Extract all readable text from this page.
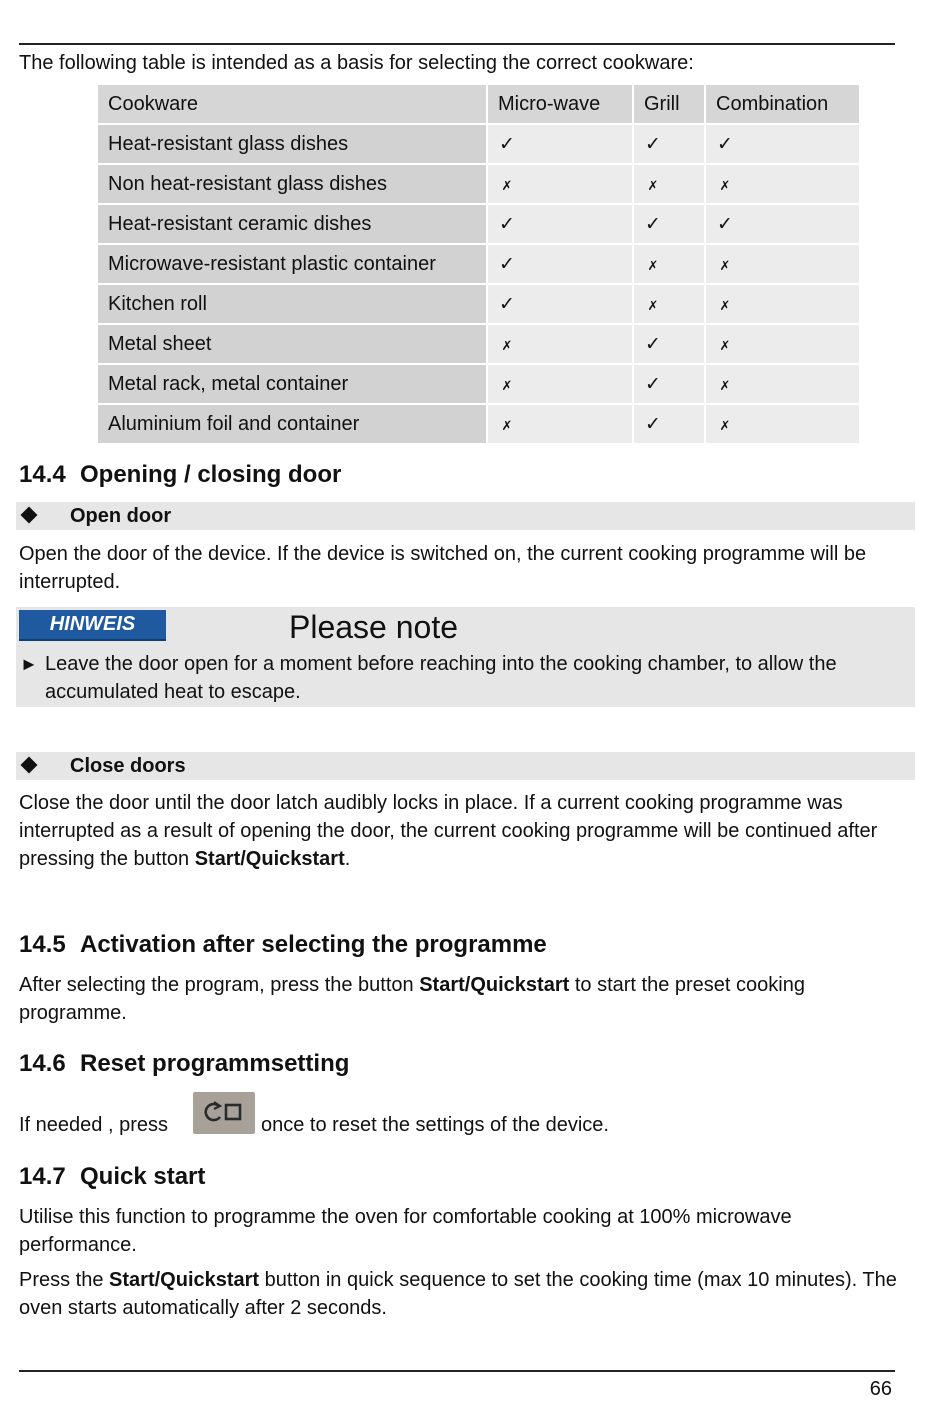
The following table is intended as a basis for selecting the correct cookware:

Cookware	Micro-wave	Grill	Combination
Heat-resistant glass dishes	✓	✓	✓
Non heat-resistant glass dishes	✗	✗	✗
Heat-resistant ceramic dishes	✓	✓	✓
Microwave-resistant plastic container	✓	✗	✗
Kitchen roll	✓	✗	✗
Metal sheet	✗	✓	✗
Metal rack, metal container	✗	✓	✗
Aluminium foil and container	✗	✓	✗
14.4 Opening / closing door
Open door

Open the door of the device. If the device is switched on, the current cooking programme will be interrupted.

HINWEIS	Please note
► Leave the door open for a moment before reaching into the cooking chamber, to allow the accumulated heat to escape.

Close doors

Close the door until the door latch audibly locks in place. If a current cooking programme was interrupted as a result of opening the door, the current cooking programme will be continued after pressing the button Start/Quickstart.

14.5 Activation after selecting the programme

After selecting the program, press the button Start/Quickstart to start the preset cooking programme.

14.6 Reset programmsetting
If needed , press	once to reset the settings of the device.
14.7 Quick start

Utilise this function to programme the oven for comfortable cooking at 100% microwave performance.

Press the Start/Quickstart button in quick sequence to set the cooking time (max 10 minutes). The oven starts automatically after 2 seconds.

66
